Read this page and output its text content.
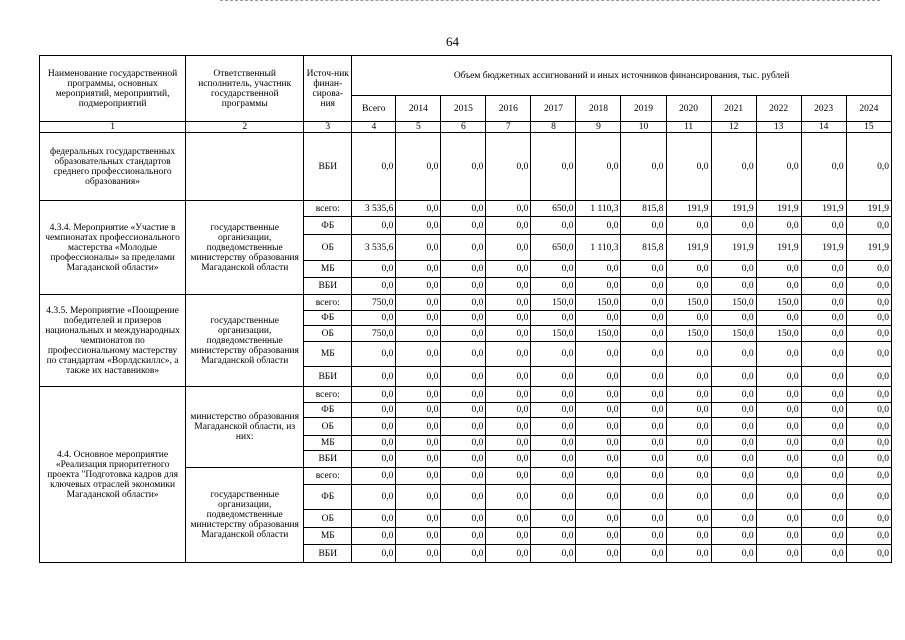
64
Наименование государственной программы, основных мероприятий, мероприятий, подмероприятий	Ответственный исполнитель, участник государственной программы	Источ-ник финан-сирова-ния	Объем бюджетных ассигнований и иных источников финансирования, тыс. рублей											
			Всего	2014	2015	2016	2017	2018	2019	2020	2021	2022	2023	2024
1	2	3	4	5	6	7	8	9	10	11	12	13	14	15
федеральных государственных образовательных стандартов среднего профессионального образования»		ВБИ	0,0	0,0	0,0	0,0	0,0	0,0	0,0	0,0	0,0	0,0	0,0	0,0
4.3.4. Мероприятие «Участие в чемпионатах профессионального мастерства «Молодые профессионалы» за пределами Магаданской области»	государственные организации, подведомственные министерству образования Магаданской области	всего:	3 535,6	0,0	0,0	0,0	650,0	1 110,3	815,8	191,9	191,9	191,9	191,9	191,9
		ФБ	0,0	0,0	0,0	0,0	0,0	0,0	0,0	0,0	0,0	0,0	0,0	0,0
		ОБ	3 535,6	0,0	0,0	0,0	650,0	1 110,3	815,8	191,9	191,9	191,9	191,9	191,9
		МБ	0,0	0,0	0,0	0,0	0,0	0,0	0,0	0,0	0,0	0,0	0,0	0,0
		ВБИ	0,0	0,0	0,0	0,0	0,0	0,0	0,0	0,0	0,0	0,0	0,0	0,0
4.3.5. Мероприятие «Поощрение победителей и призеров национальных и международных чемпионатов по профессиональному мастерству по стандартам «Ворлдскиллс», а также их наставников»	государственные организации, подведомственные министерству образования Магаданской области	всего:	750,0	0,0	0,0	0,0	150,0	150,0	0,0	150,0	150,0	150,0	0,0	0,0
		ФБ	0,0	0,0	0,0	0,0	0,0	0,0	0,0	0,0	0,0	0,0	0,0	0,0
		ОБ	750,0	0,0	0,0	0,0	150,0	150,0	0,0	150,0	150,0	150,0	0,0	0,0
		МБ	0,0	0,0	0,0	0,0	0,0	0,0	0,0	0,0	0,0	0,0	0,0	0,0
		ВБИ	0,0	0,0	0,0	0,0	0,0	0,0	0,0	0,0	0,0	0,0	0,0	0,0
4.4. Основное мероприятие «Реализация приоритетного проекта "Подготовка кадров для ключевых отраслей экономики Магаданской области»	министерство образования Магаданской области, из них:	всего:	0,0	0,0	0,0	0,0	0,0	0,0	0,0	0,0	0,0	0,0	0,0	0,0
		ФБ	0,0	0,0	0,0	0,0	0,0	0,0	0,0	0,0	0,0	0,0	0,0	0,0
		ОБ	0,0	0,0	0,0	0,0	0,0	0,0	0,0	0,0	0,0	0,0	0,0	0,0
		МБ	0,0	0,0	0,0	0,0	0,0	0,0	0,0	0,0	0,0	0,0	0,0	0,0
		ВБИ	0,0	0,0	0,0	0,0	0,0	0,0	0,0	0,0	0,0	0,0	0,0	0,0
	государственные организации, подведомственные министерству образования Магаданской области	всего:	0,0	0,0	0,0	0,0	0,0	0,0	0,0	0,0	0,0	0,0	0,0	0,0
		ФБ	0,0	0,0	0,0	0,0	0,0	0,0	0,0	0,0	0,0	0,0	0,0	0,0
		ОБ	0,0	0,0	0,0	0,0	0,0	0,0	0,0	0,0	0,0	0,0	0,0	0,0
		МБ	0,0	0,0	0,0	0,0	0,0	0,0	0,0	0,0	0,0	0,0	0,0	0,0
		ВБИ	0,0	0,0	0,0	0,0	0,0	0,0	0,0	0,0	0,0	0,0	0,0	0,0
